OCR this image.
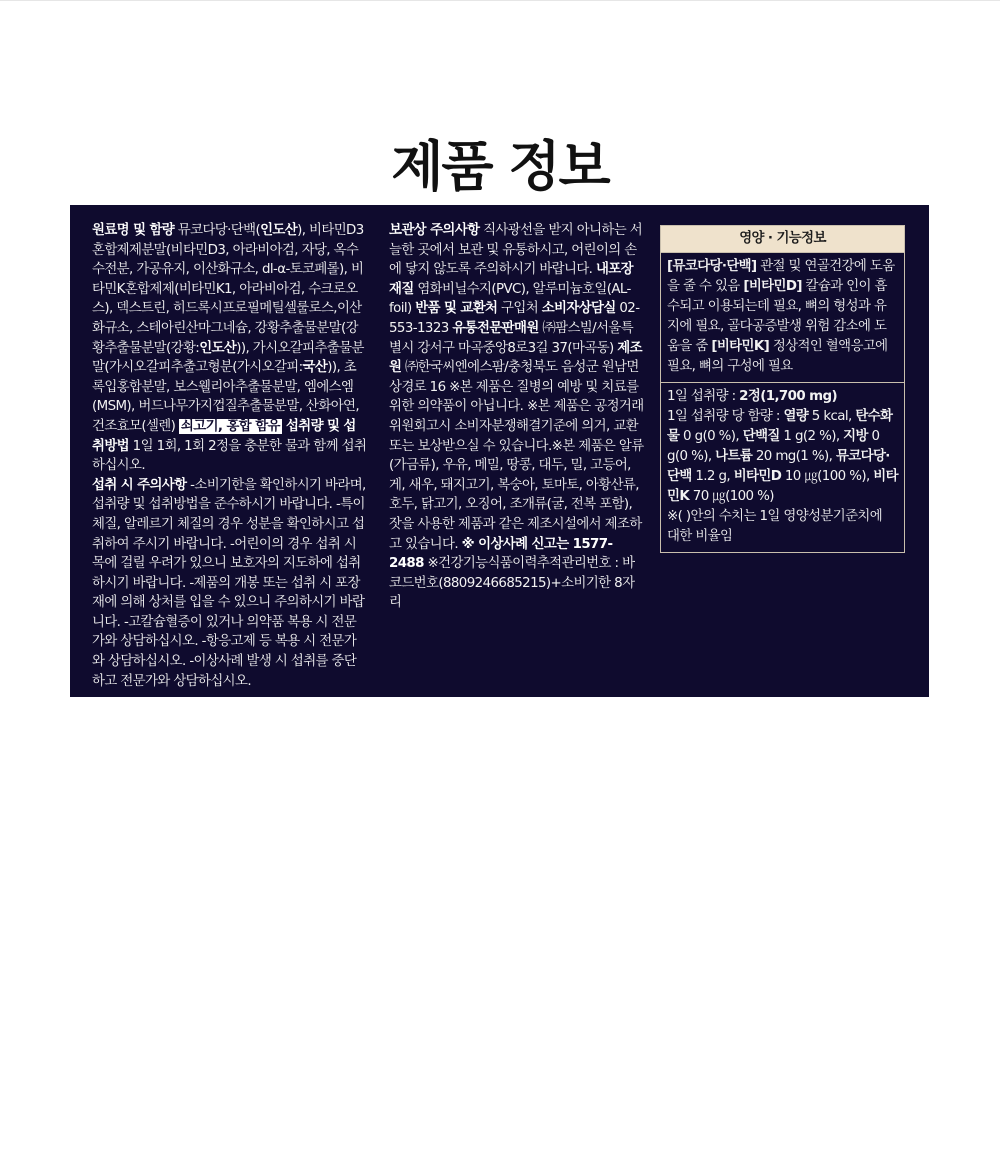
제품 정보

원료명 및 함량 뮤코다당·단백(인도산), 비타민D3 혼합제제분말(비타민D3, 아라비아검, 자당, 옥수수전분, 가공유지, 이산화규소, dl-α-토코페롤), 비타민K혼합제제(비타민K1, 아라비아검, 수크로오스), 덱스트린, 히드록시프로필메틸셀룰로스,이산화규소, 스테아린산마그네슘, 강황추출물분말(강황추출물분말(강황:인도산)), 가시오갈피추출물분말(가시오갈피추출고형분(가시오갈피:국산)), 초록입홍합분말, 보스웰리아추출물분말, 엠에스엠(MSM), 버드나무가지껍질추출물분말, 산화아연, 건조효모(셀렌) 쇠고기, 홍합 함유 섭취량 및 섭취방법 1일 1회, 1회 2정을 충분한 물과 함께 섭취하십시오.

섭취 시 주의사항 -소비기한을 확인하시기 바라며, 섭취량 및 섭취방법을 준수하시기 바랍니다. -특이체질, 알레르기 체질의 경우 성분을 확인하시고 섭취하여 주시기 바랍니다. -어린이의 경우 섭취 시 목에 걸릴 우려가 있으니 보호자의 지도하에 섭취하시기 바랍니다. -제품의 개봉 또는 섭취 시 포장재에 의해 상처를 입을 수 있으니 주의하시기 바랍니다. -고칼슘혈증이 있거나 의약품 복용 시 전문가와 상담하십시오. -항응고제 등 복용 시 전문가와 상담하십시오. -이상사례 발생 시 섭취를 중단하고 전문가와 상담하십시오.

보관상 주의사항 직사광선을 받지 아니하는 서늘한 곳에서 보관 및 유통하시고, 어린이의 손에 닿지 않도록 주의하시기 바랍니다. 내포장재질 염화비닐수지(PVC), 알루미늄호일(AL-foil) 반품 및 교환처 구입처 소비자상담실 02-553-1323 유통전문판매원 ㈜팜스빌/서울특별시 강서구 마곡중앙8로3길 37(마곡동) 제조원 ㈜한국씨엔에스팜/충청북도 음성군 원남면 상경로 16 ※본 제품은 질병의 예방 및 치료를 위한 의약품이 아닙니다. ※본 제품은 공정거래위원회고시 소비자분쟁해결기준에 의거, 교환 또는 보상받으실 수 있습니다.※본 제품은 알류(가금류), 우유, 메밀, 땅콩, 대두, 밀, 고등어, 게, 새우, 돼지고기, 복숭아, 토마토, 아황산류, 호두, 닭고기, 오징어, 조개류(굴, 전복 포함), 잣을 사용한 제품과 같은 제조시설에서 제조하고 있습니다. ※ 이상사례 신고는 1577-2488 ※건강기능식품이력추적관리번호 : 바코드번호(8809246685215)+소비기한 8자리

영양 · 기능정보

[뮤코다당·단백] 관절 및 연골건강에 도움을 줄 수 있음 [비타민D] 칼슘과 인이 흡수되고 이용되는데 필요, 뼈의 형성과 유지에 필요, 골다공증발생 위험 감소에 도움을 줌 [비타민K] 정상적인 혈액응고에 필요, 뼈의 구성에 필요

1일 섭취량 : 2정(1,700 mg)

1일 섭취량 당 함량 : 열량 5 kcal, 탄수화물 0 g(0 %), 단백질 1 g(2 %), 지방 0 g(0 %), 나트륨 20 mg(1 %), 뮤코다당·단백 1.2 g, 비타민D 10 ㎍(100 %), 비타민K 70 ㎍(100 %)

※( )안의 수치는 1일 영양성분기준치에 대한 비율임
